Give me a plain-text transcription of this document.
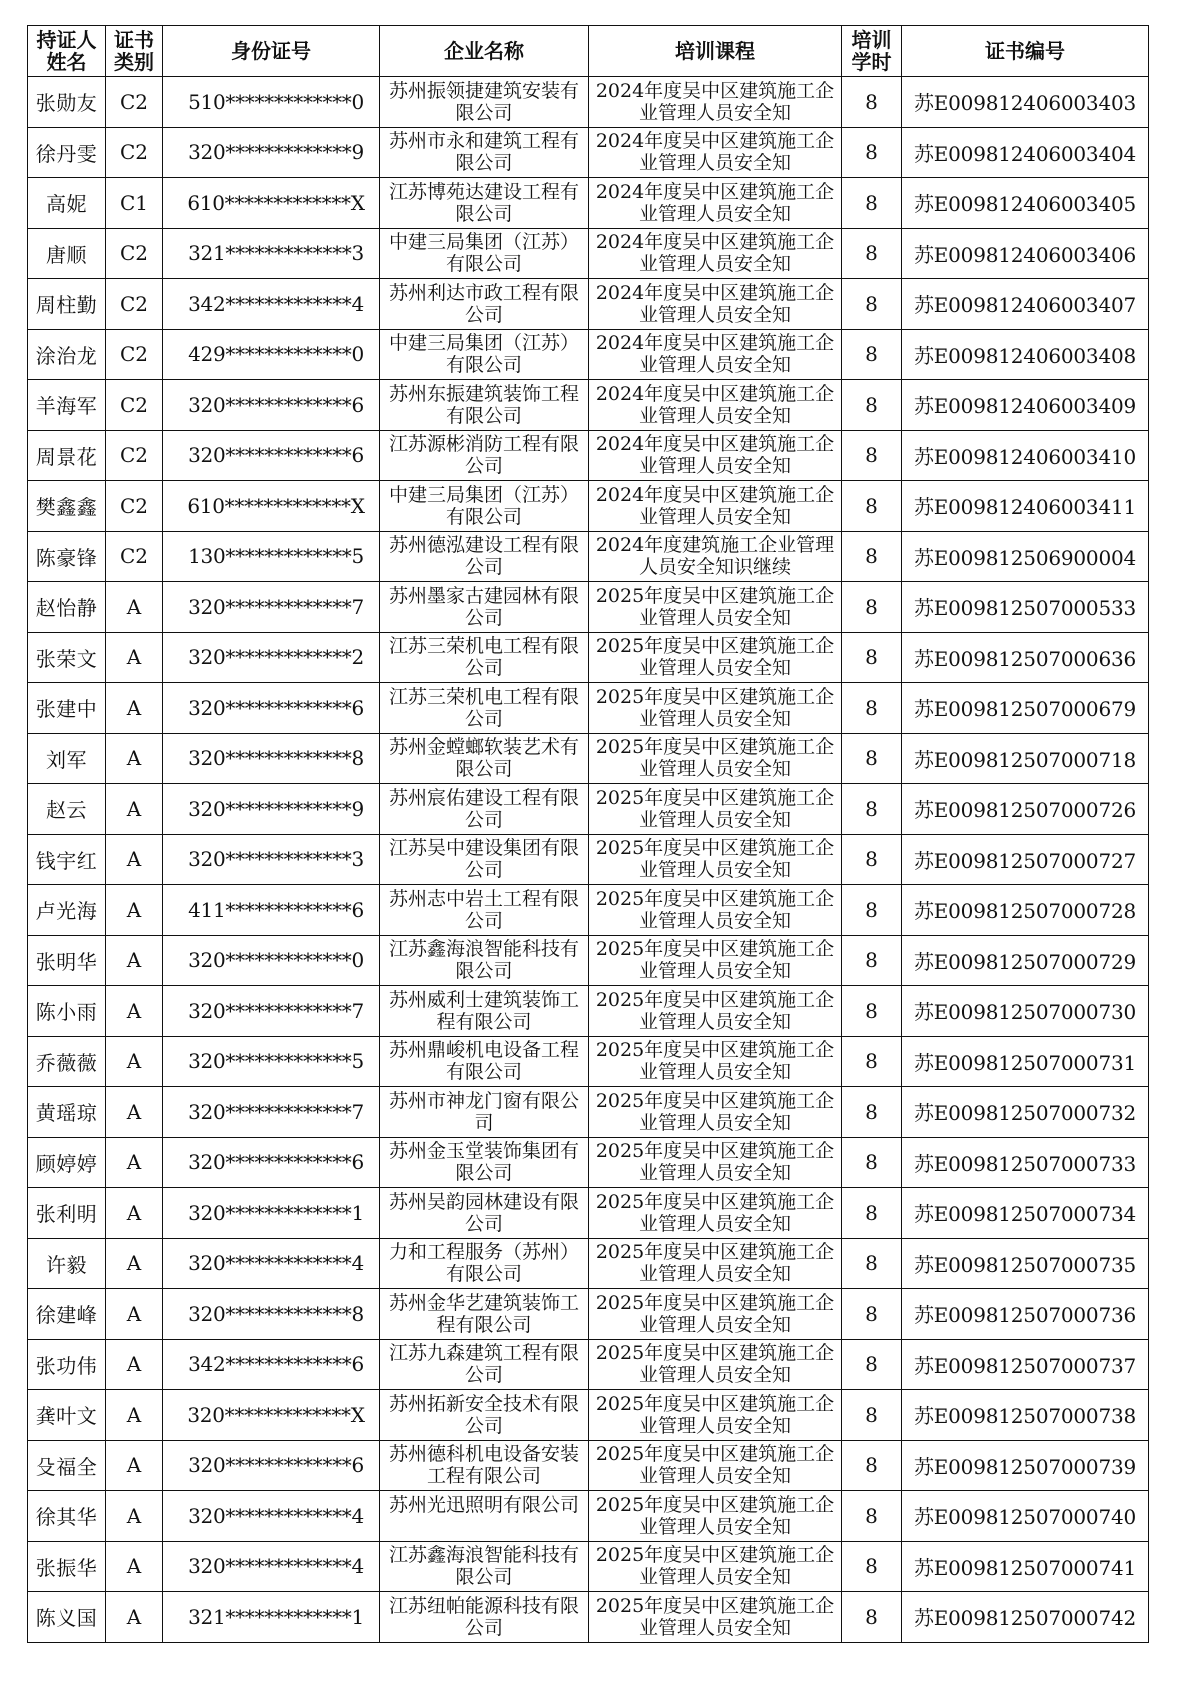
持证人姓名	证书类别	身份证号	企业名称	培训课程	培训学时	证书编号
张勋友	C2	510*************0	苏州振领捷建筑安装有限公司	2024年度吴中区建筑施工企业管理人员安全知	8	苏E009812406003403
徐丹雯	C2	320*************9	苏州市永和建筑工程有限公司	2024年度吴中区建筑施工企业管理人员安全知	8	苏E009812406003404
高妮	C1	610*************X	江苏博苑达建设工程有限公司	2024年度吴中区建筑施工企业管理人员安全知	8	苏E009812406003405
唐顺	C2	321*************3	中建三局集团（江苏）有限公司	2024年度吴中区建筑施工企业管理人员安全知	8	苏E009812406003406
周柱勤	C2	342*************4	苏州利达市政工程有限公司	2024年度吴中区建筑施工企业管理人员安全知	8	苏E009812406003407
涂治龙	C2	429*************0	中建三局集团（江苏）有限公司	2024年度吴中区建筑施工企业管理人员安全知	8	苏E009812406003408
羊海军	C2	320*************6	苏州东振建筑装饰工程有限公司	2024年度吴中区建筑施工企业管理人员安全知	8	苏E009812406003409
周景花	C2	320*************6	江苏源彬消防工程有限公司	2024年度吴中区建筑施工企业管理人员安全知	8	苏E009812406003410
樊鑫鑫	C2	610*************X	中建三局集团（江苏）有限公司	2024年度吴中区建筑施工企业管理人员安全知	8	苏E009812406003411
陈豪锋	C2	130*************5	苏州德泓建设工程有限公司	2024年度建筑施工企业管理人员安全知识继续	8	苏E009812506900004
赵怡静	A	320*************7	苏州墨家古建园林有限公司	2025年度吴中区建筑施工企业管理人员安全知	8	苏E009812507000533
张荣文	A	320*************2	江苏三荣机电工程有限公司	2025年度吴中区建筑施工企业管理人员安全知	8	苏E009812507000636
张建中	A	320*************6	江苏三荣机电工程有限公司	2025年度吴中区建筑施工企业管理人员安全知	8	苏E009812507000679
刘军	A	320*************8	苏州金螳螂软装艺术有限公司	2025年度吴中区建筑施工企业管理人员安全知	8	苏E009812507000718
赵云	A	320*************9	苏州宸佑建设工程有限公司	2025年度吴中区建筑施工企业管理人员安全知	8	苏E009812507000726
钱宇红	A	320*************3	江苏吴中建设集团有限公司	2025年度吴中区建筑施工企业管理人员安全知	8	苏E009812507000727
卢光海	A	411*************6	苏州志中岩土工程有限公司	2025年度吴中区建筑施工企业管理人员安全知	8	苏E009812507000728
张明华	A	320*************0	江苏鑫海浪智能科技有限公司	2025年度吴中区建筑施工企业管理人员安全知	8	苏E009812507000729
陈小雨	A	320*************7	苏州威利士建筑装饰工程有限公司	2025年度吴中区建筑施工企业管理人员安全知	8	苏E009812507000730
乔薇薇	A	320*************5	苏州鼎峻机电设备工程有限公司	2025年度吴中区建筑施工企业管理人员安全知	8	苏E009812507000731
黄瑶琼	A	320*************7	苏州市神龙门窗有限公司	2025年度吴中区建筑施工企业管理人员安全知	8	苏E009812507000732
顾婷婷	A	320*************6	苏州金玉堂装饰集团有限公司	2025年度吴中区建筑施工企业管理人员安全知	8	苏E009812507000733
张利明	A	320*************1	苏州吴韵园林建设有限公司	2025年度吴中区建筑施工企业管理人员安全知	8	苏E009812507000734
许毅	A	320*************4	力和工程服务（苏州）有限公司	2025年度吴中区建筑施工企业管理人员安全知	8	苏E009812507000735
徐建峰	A	320*************8	苏州金华艺建筑装饰工程有限公司	2025年度吴中区建筑施工企业管理人员安全知	8	苏E009812507000736
张功伟	A	342*************6	江苏九森建筑工程有限公司	2025年度吴中区建筑施工企业管理人员安全知	8	苏E009812507000737
龚叶文	A	320*************X	苏州拓新安全技术有限公司	2025年度吴中区建筑施工企业管理人员安全知	8	苏E009812507000738
殳福全	A	320*************6	苏州德科机电设备安装工程有限公司	2025年度吴中区建筑施工企业管理人员安全知	8	苏E009812507000739
徐其华	A	320*************4	苏州光迅照明有限公司	2025年度吴中区建筑施工企业管理人员安全知	8	苏E009812507000740
张振华	A	320*************4	江苏鑫海浪智能科技有限公司	2025年度吴中区建筑施工企业管理人员安全知	8	苏E009812507000741
陈义国	A	321*************1	江苏纽帕能源科技有限公司	2025年度吴中区建筑施工企业管理人员安全知	8	苏E009812507000742
